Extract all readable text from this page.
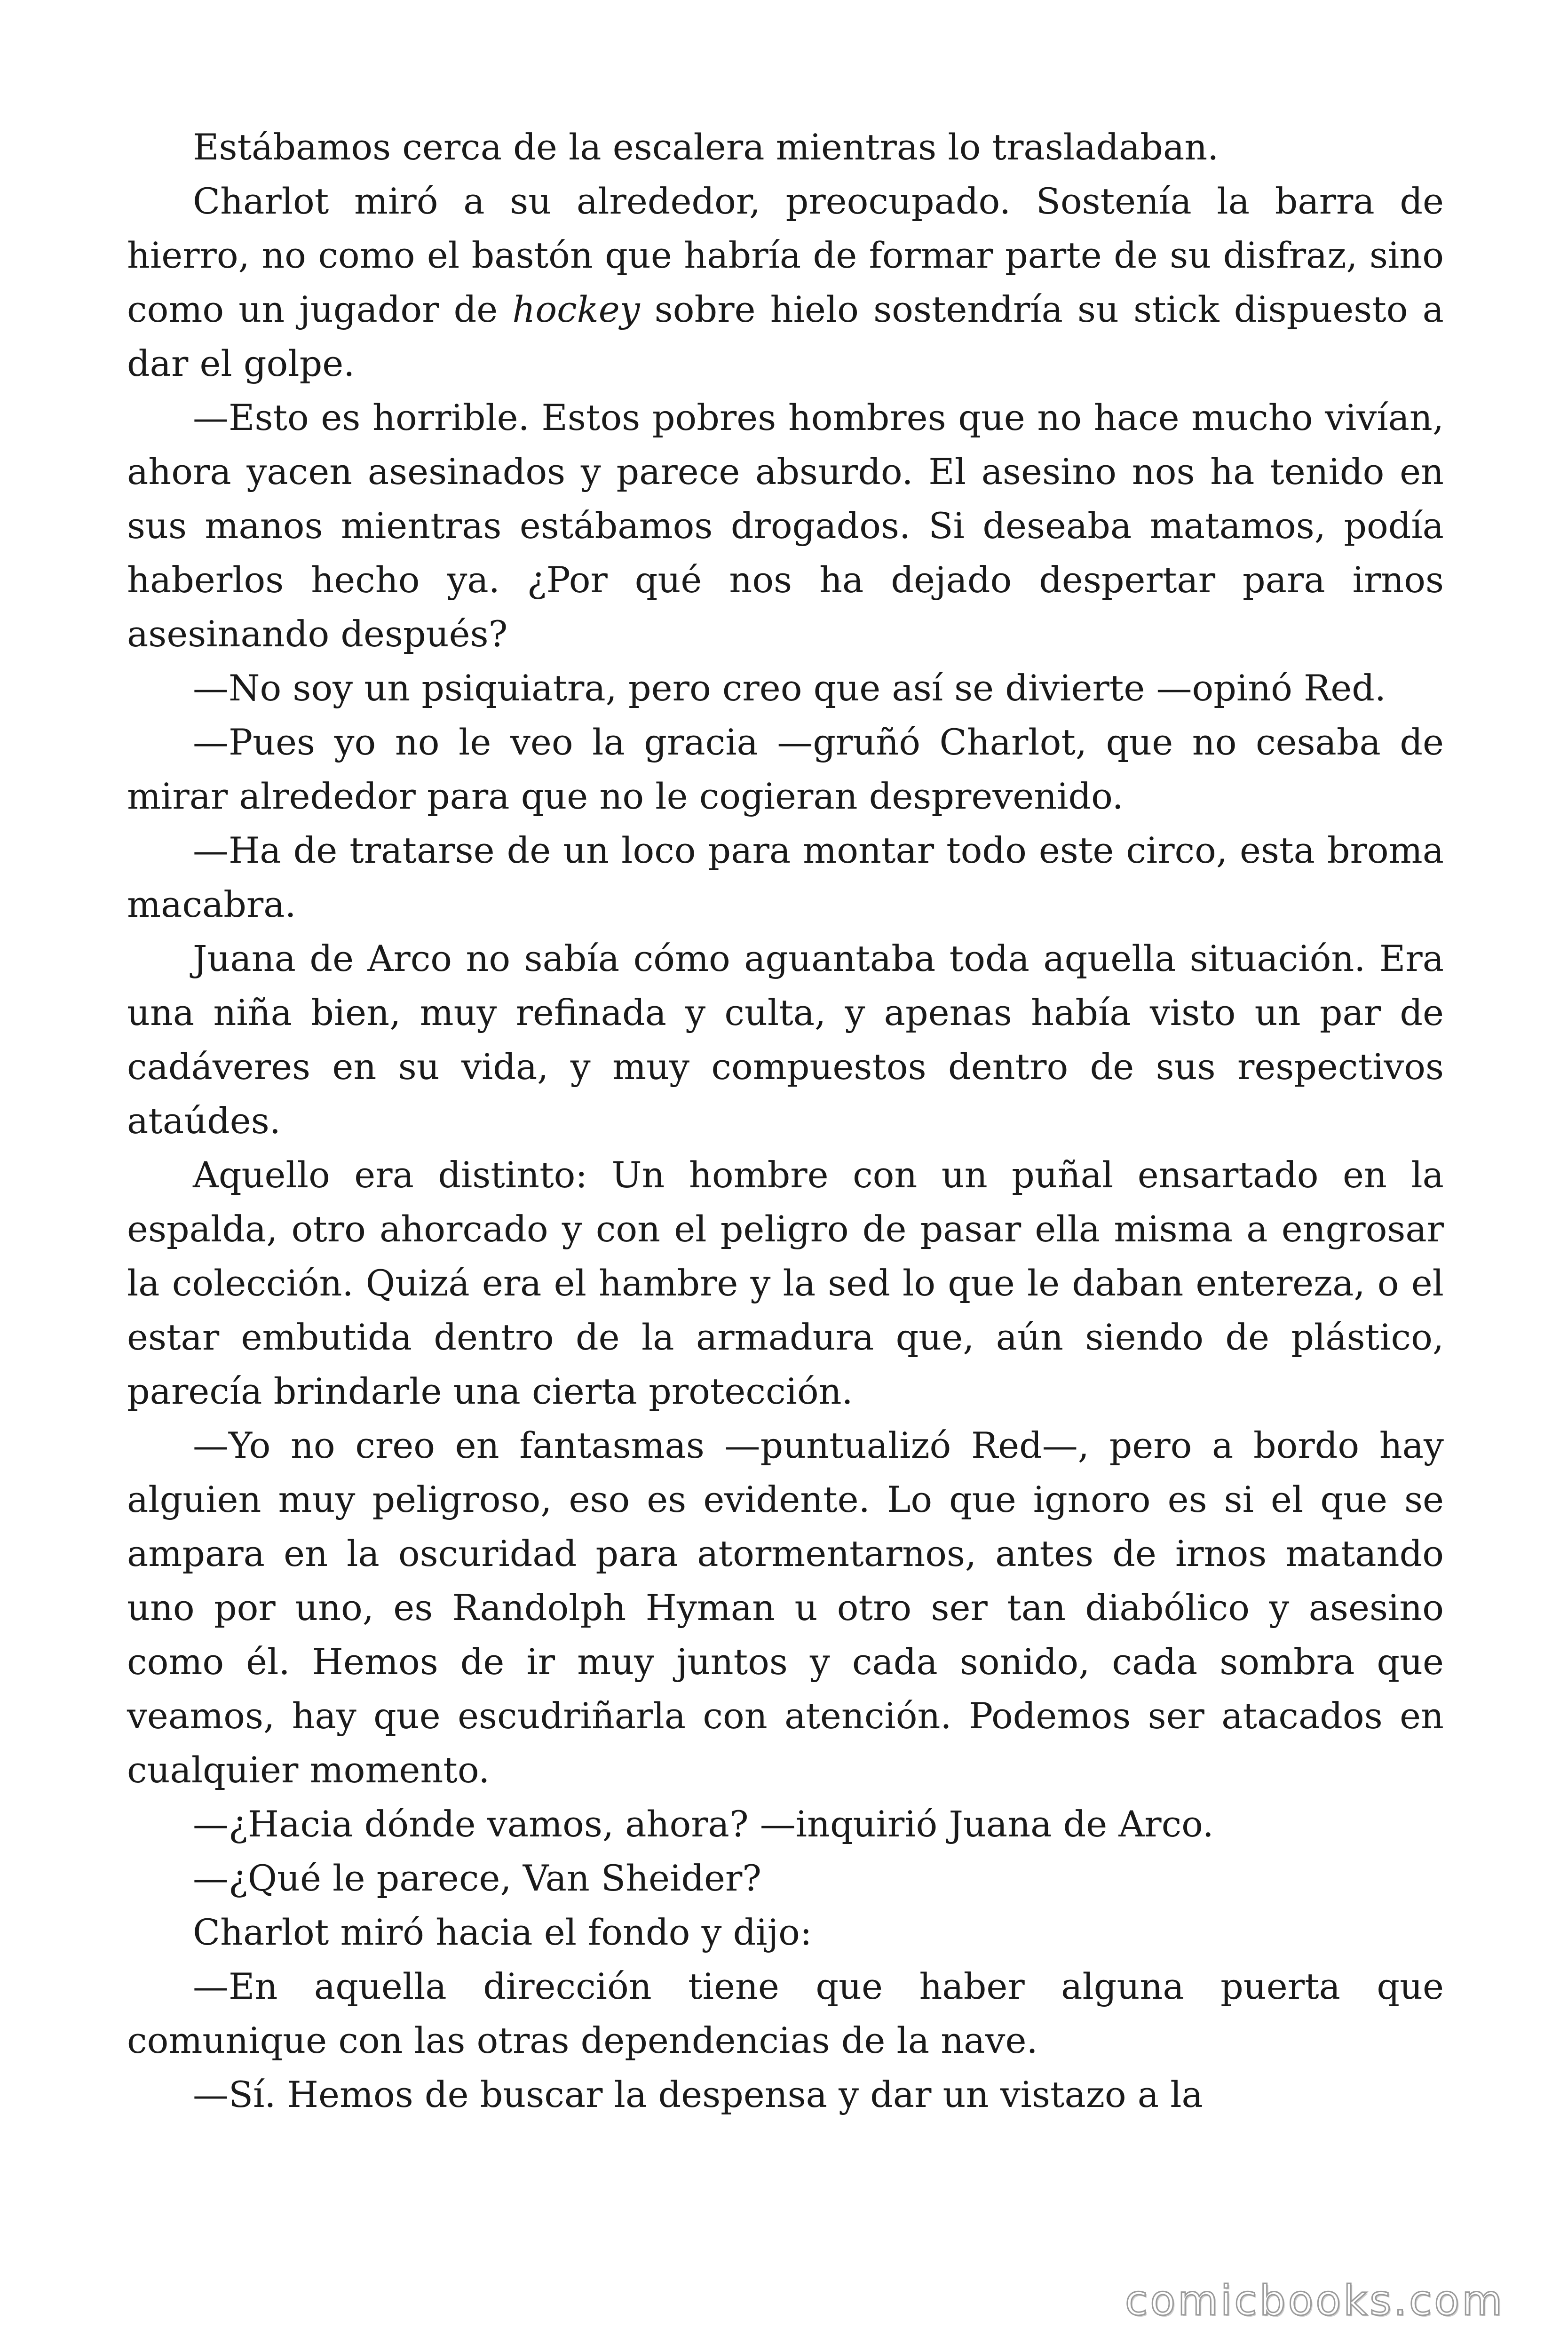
Estábamos cerca de la escalera mientras lo trasladaban.

Charlot miró a su alrededor, preocupado. Sostenía la barra de hierro, no como el bastón que habría de formar parte de su disfraz, sino como un jugador de hockey sobre hielo sostendría su stick dispuesto a dar el golpe.

—Esto es horrible. Estos pobres hombres que no hace mucho vivían, ahora yacen asesinados y parece absurdo. El asesino nos ha tenido en sus manos mientras estábamos drogados. Si deseaba matamos, podía haberlos hecho ya. ¿Por qué nos ha dejado despertar para irnos asesinando después?

—No soy un psiquiatra, pero creo que así se divierte —opinó Red.

—Pues yo no le veo la gracia —gruñó Charlot, que no cesaba de mirar alrededor para que no le cogieran desprevenido.

—Ha de tratarse de un loco para montar todo este circo, esta broma macabra.

Juana de Arco no sabía cómo aguantaba toda aquella situación. Era una niña bien, muy refinada y culta, y apenas había visto un par de cadáveres en su vida, y muy compuestos dentro de sus respectivos ataúdes.

Aquello era distinto: Un hombre con un puñal ensartado en la espalda, otro ahorcado y con el peligro de pasar ella misma a engrosar la colección. Quizá era el hambre y la sed lo que le daban entereza, o el estar embutida dentro de la armadura que, aún siendo de plástico, parecía brindarle una cierta protección.

—Yo no creo en fantasmas —puntualizó Red—, pero a bordo hay alguien muy peligroso, eso es evidente. Lo que ignoro es si el que se ampara en la oscuridad para atormentarnos, antes de irnos matando uno por uno, es Randolph Hyman u otro ser tan diabólico y asesino como él. Hemos de ir muy juntos y cada sonido, cada sombra que veamos, hay que escudriñarla con atención. Podemos ser atacados en cualquier momento.

—¿Hacia dónde vamos, ahora? —inquirió Juana de Arco.

—¿Qué le parece, Van Sheider?

Charlot miró hacia el fondo y dijo:

—En aquella dirección tiene que haber alguna puerta que comunique con las otras dependencias de la nave.

—Sí. Hemos de buscar la despensa y dar un vistazo a la

comicbooks.com
